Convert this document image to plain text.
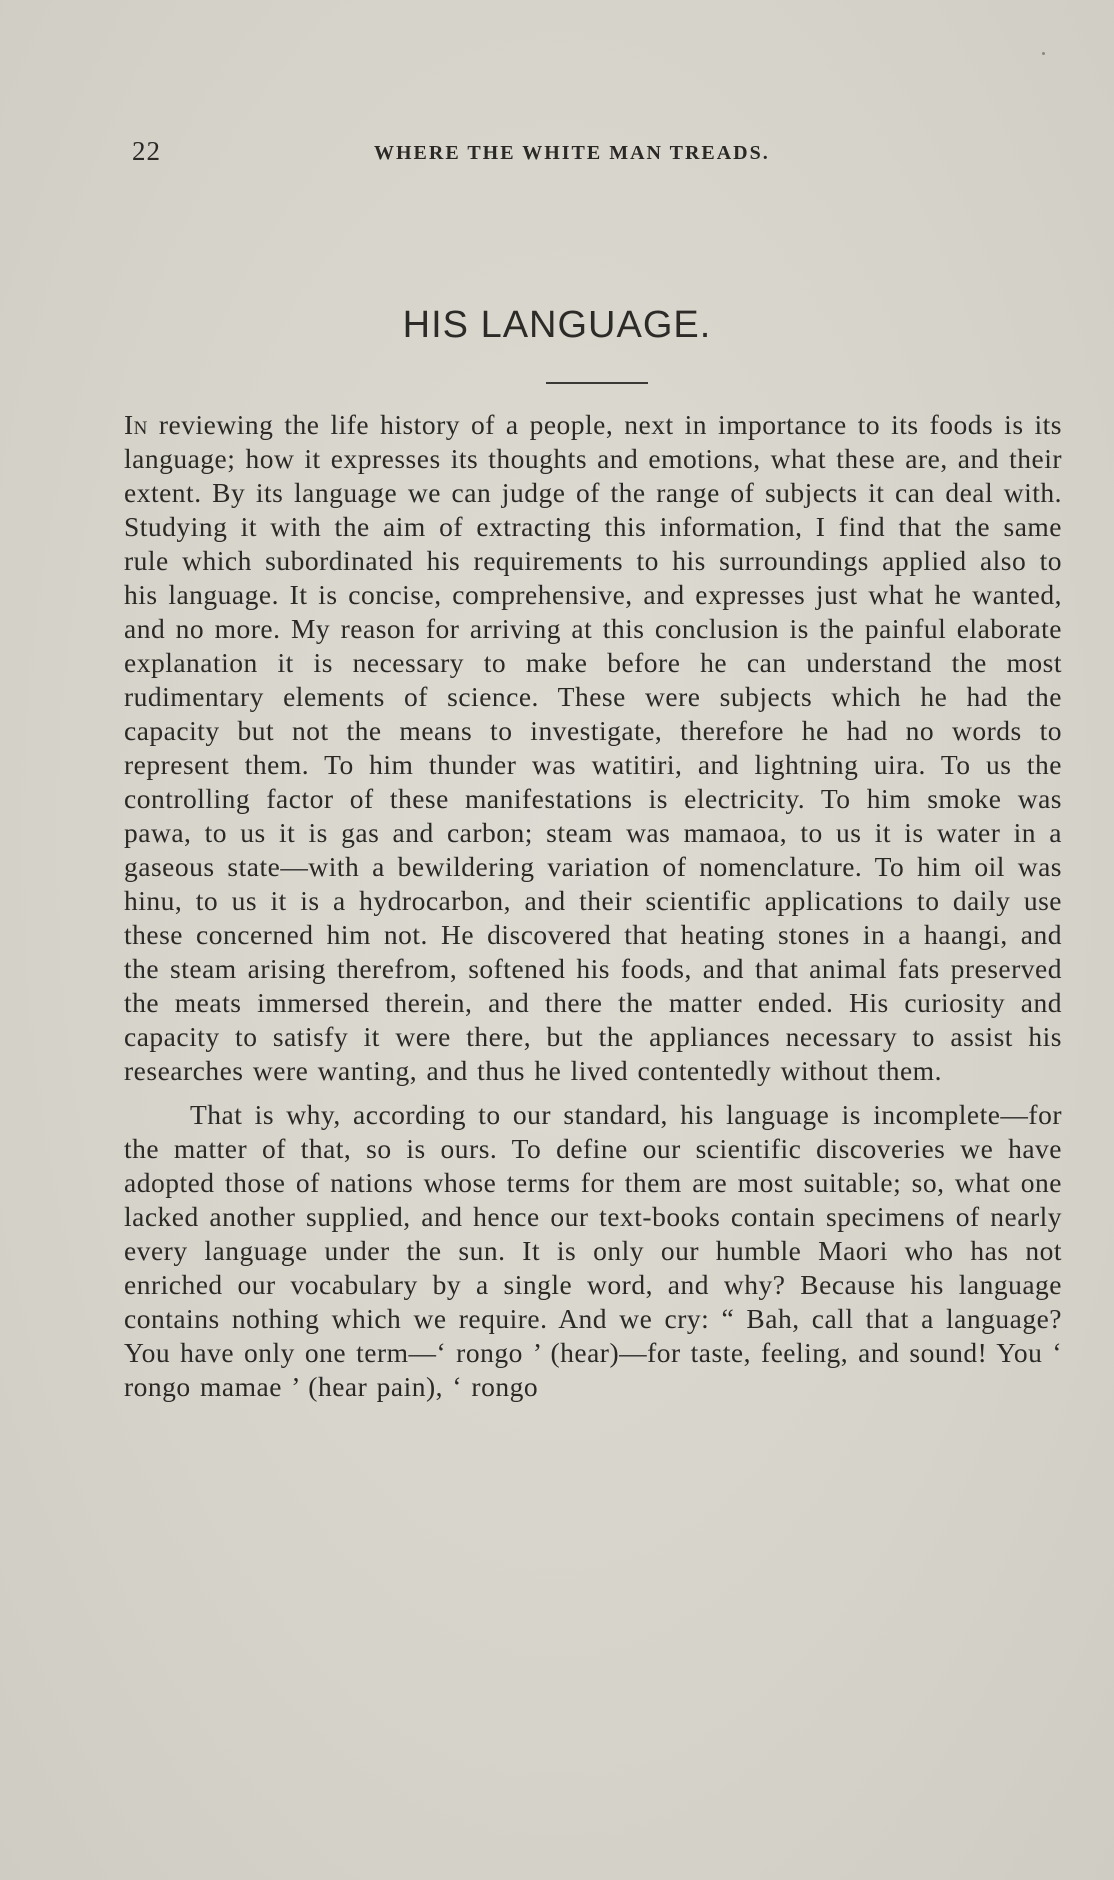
22	WHERE THE WHITE MAN TREADS.
HIS LANGUAGE.

In reviewing the life history of a people, next in importance to its foods is its language; how it expresses its thoughts and emotions, what these are, and their extent. By its language we can judge of the range of subjects it can deal with. Studying it with the aim of extracting this information, I find that the same rule which subordinated his requirements to his surroundings applied also to his language. It is concise, comprehensive, and expresses just what he wanted, and no more. My reason for arriving at this conclusion is the painful elaborate explanation it is necessary to make before he can understand the most rudimentary elements of science. These were subjects which he had the capacity but not the means to investigate, therefore he had no words to represent them. To him thunder was watitiri, and lightning uira. To us the controlling factor of these manifestations is electricity. To him smoke was pawa, to us it is gas and carbon; steam was mamaoa, to us it is water in a gaseous state—with a bewildering variation of nomenclature. To him oil was hinu, to us it is a hydrocarbon, and their scientific applications to daily use these concerned him not. He discovered that heating stones in a haangi, and the steam arising therefrom, softened his foods, and that animal fats preserved the meats immersed therein, and there the matter ended. His curiosity and capacity to satisfy it were there, but the appliances necessary to assist his researches were wanting, and thus he lived contentedly without them.

That is why, according to our standard, his language is incomplete—for the matter of that, so is ours. To define our scientific discoveries we have adopted those of nations whose terms for them are most suitable; so, what one lacked another supplied, and hence our text-books contain specimens of nearly every language under the sun. It is only our humble Maori who has not enriched our vocabulary by a single word, and why? Because his language contains nothing which we require. And we cry: “ Bah, call that a language? You have only one term—‘ rongo ’ (hear)—for taste, feeling, and sound! You ‘ rongo mamae ’ (hear pain), ‘ rongo
